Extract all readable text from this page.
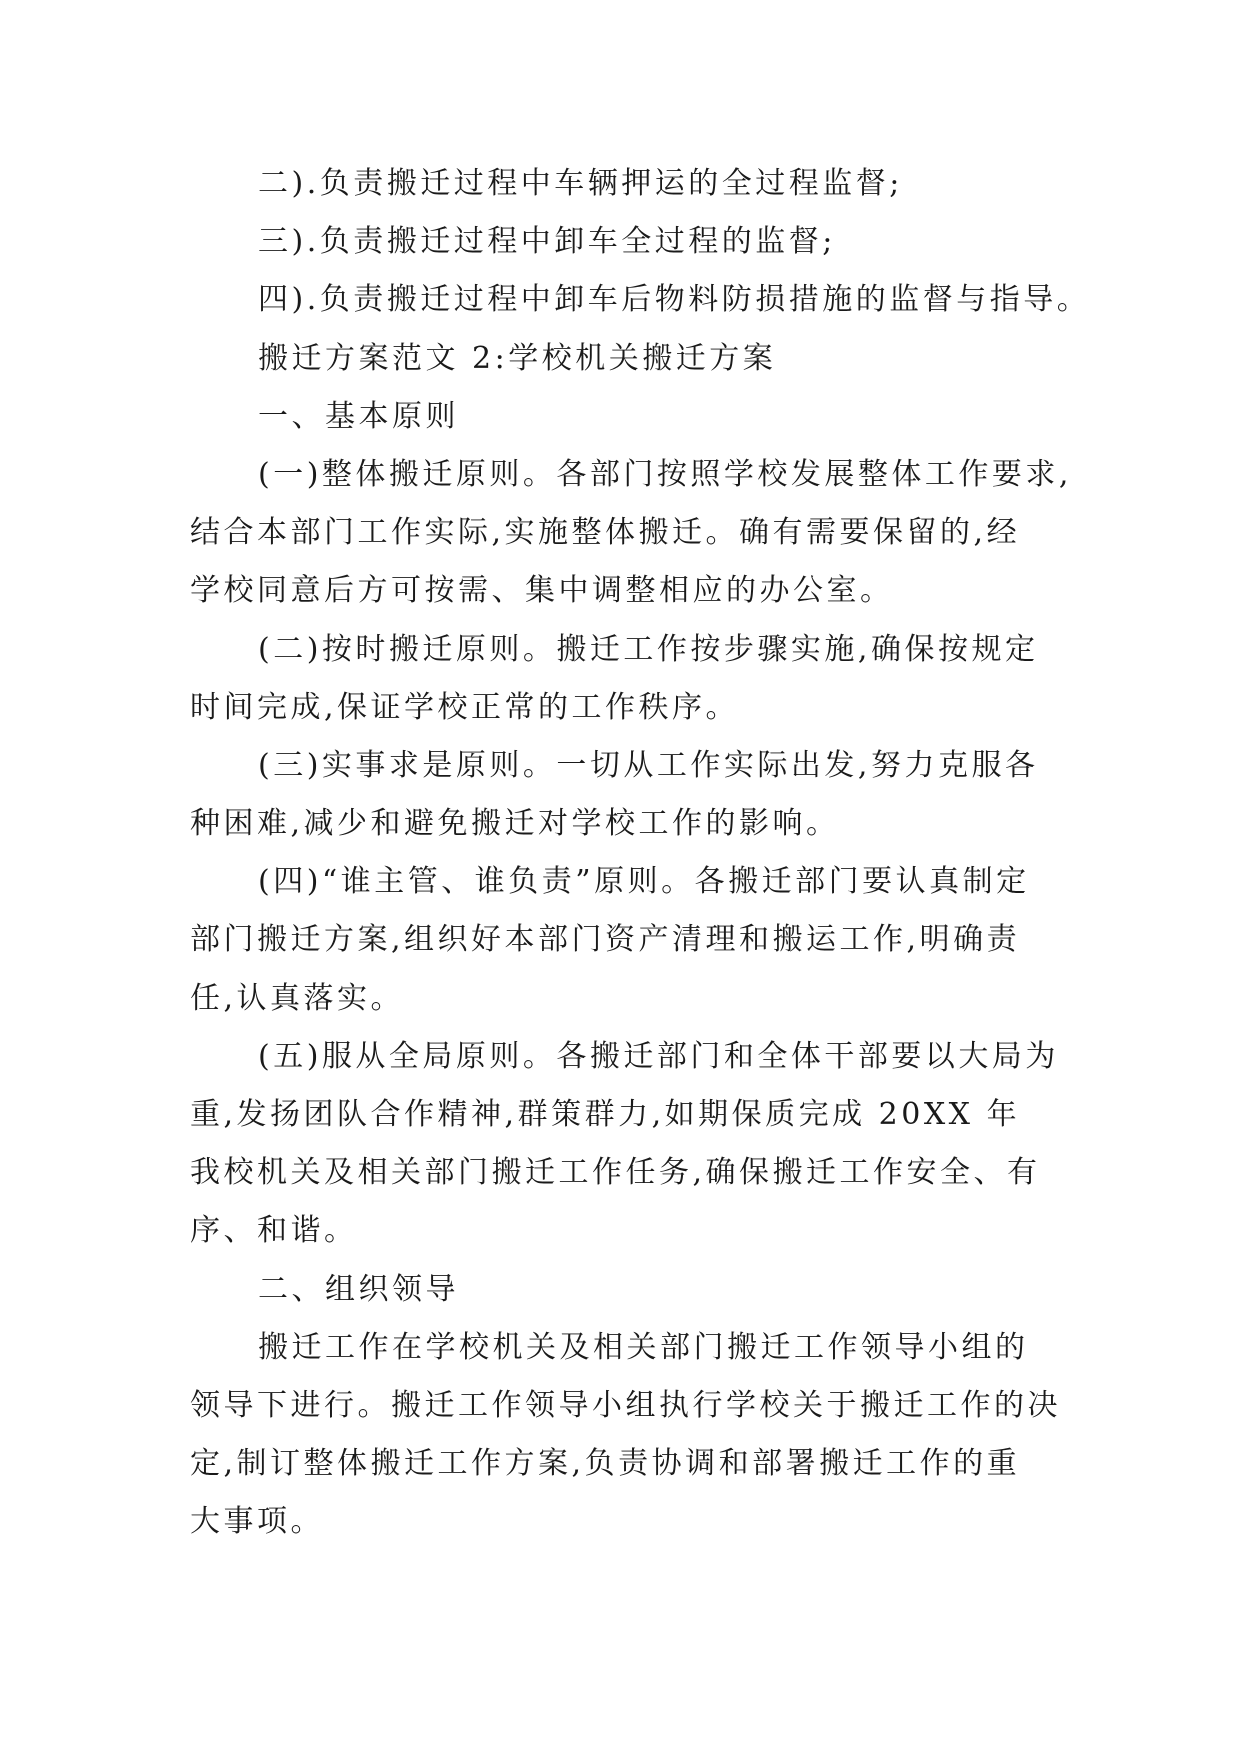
二).负责搬迁过程中车辆押运的全过程监督;
三).负责搬迁过程中卸车全过程的监督;
四).负责搬迁过程中卸车后物料防损措施的监督与指导。
搬迁方案范文 2:学校机关搬迁方案
一、基本原则
(一)整体搬迁原则。各部门按照学校发展整体工作要求,
结合本部门工作实际,实施整体搬迁。确有需要保留的,经
学校同意后方可按需、集中调整相应的办公室。
(二)按时搬迁原则。搬迁工作按步骤实施,确保按规定
时间完成,保证学校正常的工作秩序。
(三)实事求是原则。一切从工作实际出发,努力克服各
种困难,减少和避免搬迁对学校工作的影响。
(四)“谁主管、谁负责”原则。各搬迁部门要认真制定
部门搬迁方案,组织好本部门资产清理和搬运工作,明确责
任,认真落实。
(五)服从全局原则。各搬迁部门和全体干部要以大局为
重,发扬团队合作精神,群策群力,如期保质完成 20XX 年
我校机关及相关部门搬迁工作任务,确保搬迁工作安全、有
序、和谐。
二、组织领导
搬迁工作在学校机关及相关部门搬迁工作领导小组的
领导下进行。搬迁工作领导小组执行学校关于搬迁工作的决
定,制订整体搬迁工作方案,负责协调和部署搬迁工作的重
大事项。
